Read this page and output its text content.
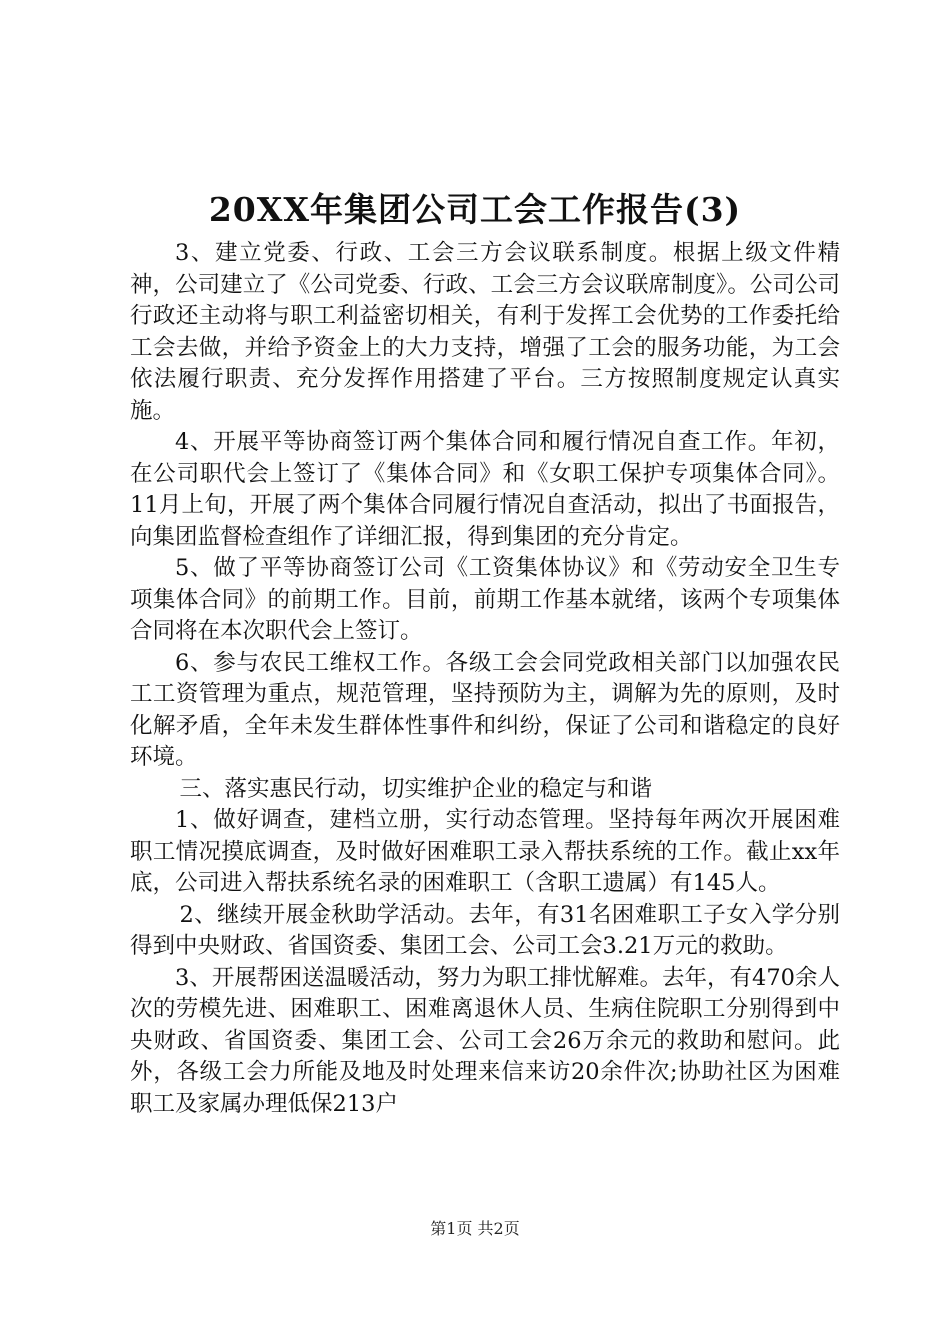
20XX年集团公司工会工作报告(3)

3、建立党委、行政、工会三方会议联系制度。根据上级文件精神，公司建立了《公司党委、行政、工会三方会议联席制度》。公司公司行政还主动将与职工利益密切相关，有利于发挥工会优势的工作委托给工会去做，并给予资金上的大力支持，增强了工会的服务功能，为工会依法履行职责、充分发挥作用搭建了平台。三方按照制度规定认真实施。

4、开展平等协商签订两个集体合同和履行情况自查工作。年初，在公司职代会上签订了《集体合同》和《女职工保护专项集体合同》。11月上旬，开展了两个集体合同履行情况自查活动，拟出了书面报告，向集团监督检查组作了详细汇报，得到集团的充分肯定。

5、做了平等协商签订公司《工资集体协议》和《劳动安全卫生专项集体合同》的前期工作。目前，前期工作基本就绪，该两个专项集体合同将在本次职代会上签订。

6、参与农民工维权工作。各级工会会同党政相关部门以加强农民工工资管理为重点，规范管理，坚持预防为主，调解为先的原则，及时化解矛盾，全年未发生群体性事件和纠纷，保证了公司和谐稳定的良好环境。

三、落实惠民行动，切实维护企业的稳定与和谐

1、做好调查，建档立册，实行动态管理。坚持每年两次开展困难职工情况摸底调查，及时做好困难职工录入帮扶系统的工作。截止xx年底，公司进入帮扶系统名录的困难职工（含职工遗属）有145人。

2、继续开展金秋助学活动。去年，有31名困难职工子女入学分别得到中央财政、省国资委、集团工会、公司工会3.21万元的救助。

3、开展帮困送温暖活动，努力为职工排忧解难。去年，有470余人次的劳模先进、困难职工、困难离退休人员、生病住院职工分别得到中央财政、省国资委、集团工会、公司工会26万余元的救助和慰问。此外，各级工会力所能及地及时处理来信来访20余件次;协助社区为困难职工及家属办理低保213户

第1页 共2页
